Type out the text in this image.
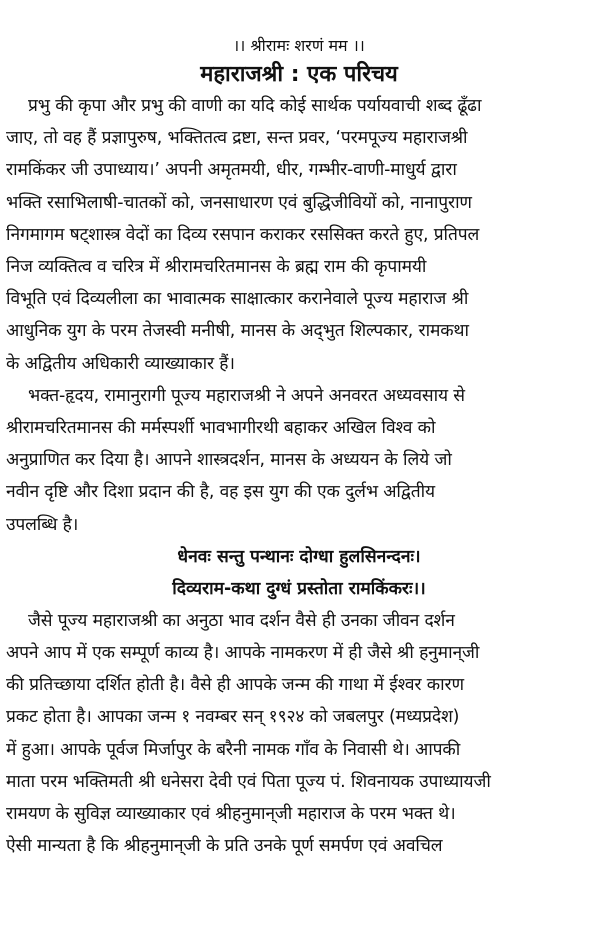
।। श्रीरामः शरणं मम ।।
महाराजश्री : एक परिचय
प्रभु की कृपा और प्रभु की वाणी का यदि कोई सार्थक पर्यायवाची शब्द ढूँढा
जाए, तो वह हैं प्रज्ञापुरुष, भक्तितत्व द्रष्टा, सन्त प्रवर, ‘परमपूज्य महाराजश्री
रामकिंकर जी उपाध्याय।’ अपनी अमृतमयी, धीर, गम्भीर-वाणी-माधुर्य द्वारा
भक्ति रसाभिलाषी-चातकों को, जनसाधारण एवं बुद्धिजीवियों को, नानापुराण
निगमागम षट्शास्त्र वेदों का दिव्य रसपान कराकर रससिक्त करते हुए, प्रतिपल
निज व्यक्तित्व व चरित्र में श्रीरामचरितमानस के ब्रह्म राम की कृपामयी
विभूति एवं दिव्यलीला का भावात्मक साक्षात्कार करानेवाले पूज्य महाराज श्री
आधुनिक युग के परम तेजस्वी मनीषी, मानस के अद्‌भुत शिल्पकार, रामकथा
के अद्वितीय अधिकारी व्याख्याकार हैं।
भक्त-हृदय, रामानुरागी पूज्य महाराजश्री ने अपने अनवरत अध्यवसाय से
श्रीरामचरितमानस की मर्मस्पर्शी भावभागीरथी बहाकर अखिल विश्व को
अनुप्राणित कर दिया है। आपने शास्त्रदर्शन, मानस के अध्ययन के लिये जो
नवीन दृष्टि और दिशा प्रदान की है, वह इस युग की एक दुर्लभ अद्वितीय
उपलब्धि है।
धेनवः सन्तु पन्थानः दोग्धा हुलसिनन्दनः।
दिव्यराम-कथा दुग्धं प्रस्तोता रामकिंकरः।।
जैसे पूज्य महाराजश्री का अनुठा भाव दर्शन वैसे ही उनका जीवन दर्शन
अपने आप में एक सम्पूर्ण काव्य है। आपके नामकरण में ही जैसे श्री हनुमान्‌जी
की प्रतिच्छाया दर्शित होती है। वैसे ही आपके जन्म की गाथा में ईश्वर कारण
प्रकट होता है। आपका जन्म १ नवम्बर सन् १९२४ को जबलपुर (मध्यप्रदेश)
में हुआ। आपके पूर्वज मिर्जापुर के बरैनी नामक गाँव के निवासी थे। आपकी
माता परम भक्तिमती श्री धनेसरा देवी एवं पिता पूज्य पं. शिवनायक उपाध्यायजी
रामयण के सुविज्ञ व्याख्याकार एवं श्रीहनुमान्‌जी महाराज के परम भक्त थे।
ऐसी मान्यता है कि श्रीहनुमान्‌जी के प्रति उनके पूर्ण समर्पण एवं अवचिल
